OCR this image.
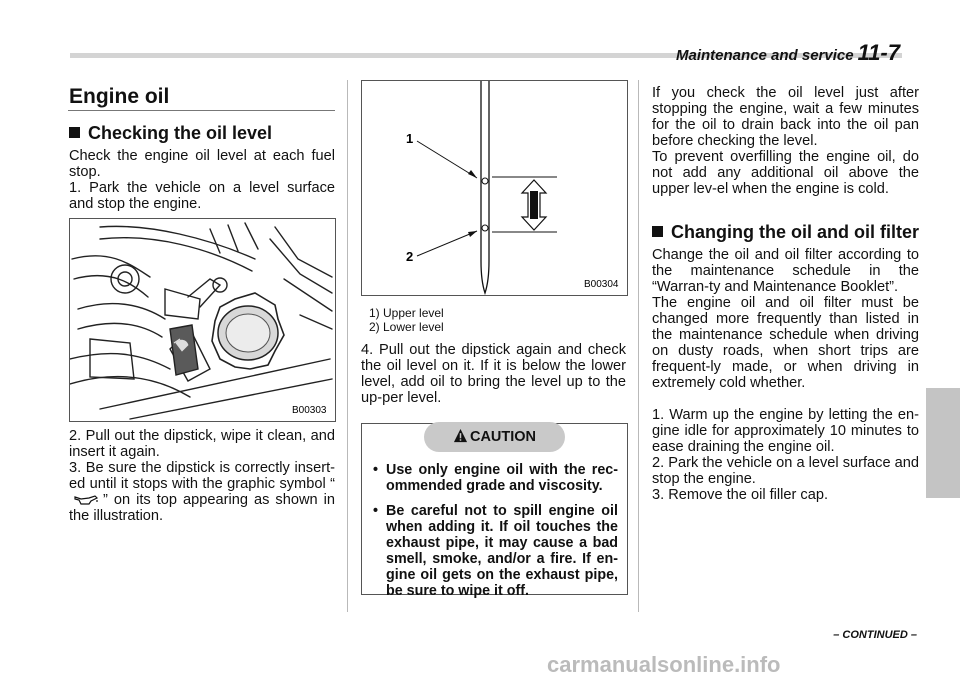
Maintenance and service 11-7
Engine oil
Checking the oil level

Check the engine oil level at each fuel stop.

1. Park the vehicle on a level surface and stop the engine.

B00303

2. Pull out the dipstick, wipe it clean, and insert it again.

3. Be sure the dipstick is correctly insert-ed until it stops with the graphic symbol “” on its top appearing as shown in the illustration.

1
2
B00304
1) Upper level
2) Lower level
4. Pull out the dipstick again and check the oil level on it. If it is below the lower level, add oil to bring the level up to the up-per level.
CAUTION
• Use only engine oil with the rec-ommended grade and viscosity.
• Be careful not to spill engine oil when adding it. If oil touches the exhaust pipe, it may cause a bad smell, smoke, and/or a fire. If en-gine oil gets on the exhaust pipe, be sure to wipe it off.

If you check the oil level just after stopping the engine, wait a few minutes for the oil to drain back into the oil pan before checking the level.

To prevent overfilling the engine oil, do not add any additional oil above the upper lev-el when the engine is cold.

Changing the oil and oil filter

Change the oil and oil filter according to the maintenance schedule in the “Warran-ty and Maintenance Booklet”.

The engine oil and oil filter must be changed more frequently than listed in the maintenance schedule when driving on dusty roads, when short trips are frequent-ly made, or when driving in extremely cold whether.

1. Warm up the engine by letting the en-gine idle for approximately 10 minutes to ease draining the engine oil.

2. Park the vehicle on a level surface and stop the engine.

3. Remove the oil filler cap.

– CONTINUED –
carmanualsonline.info
